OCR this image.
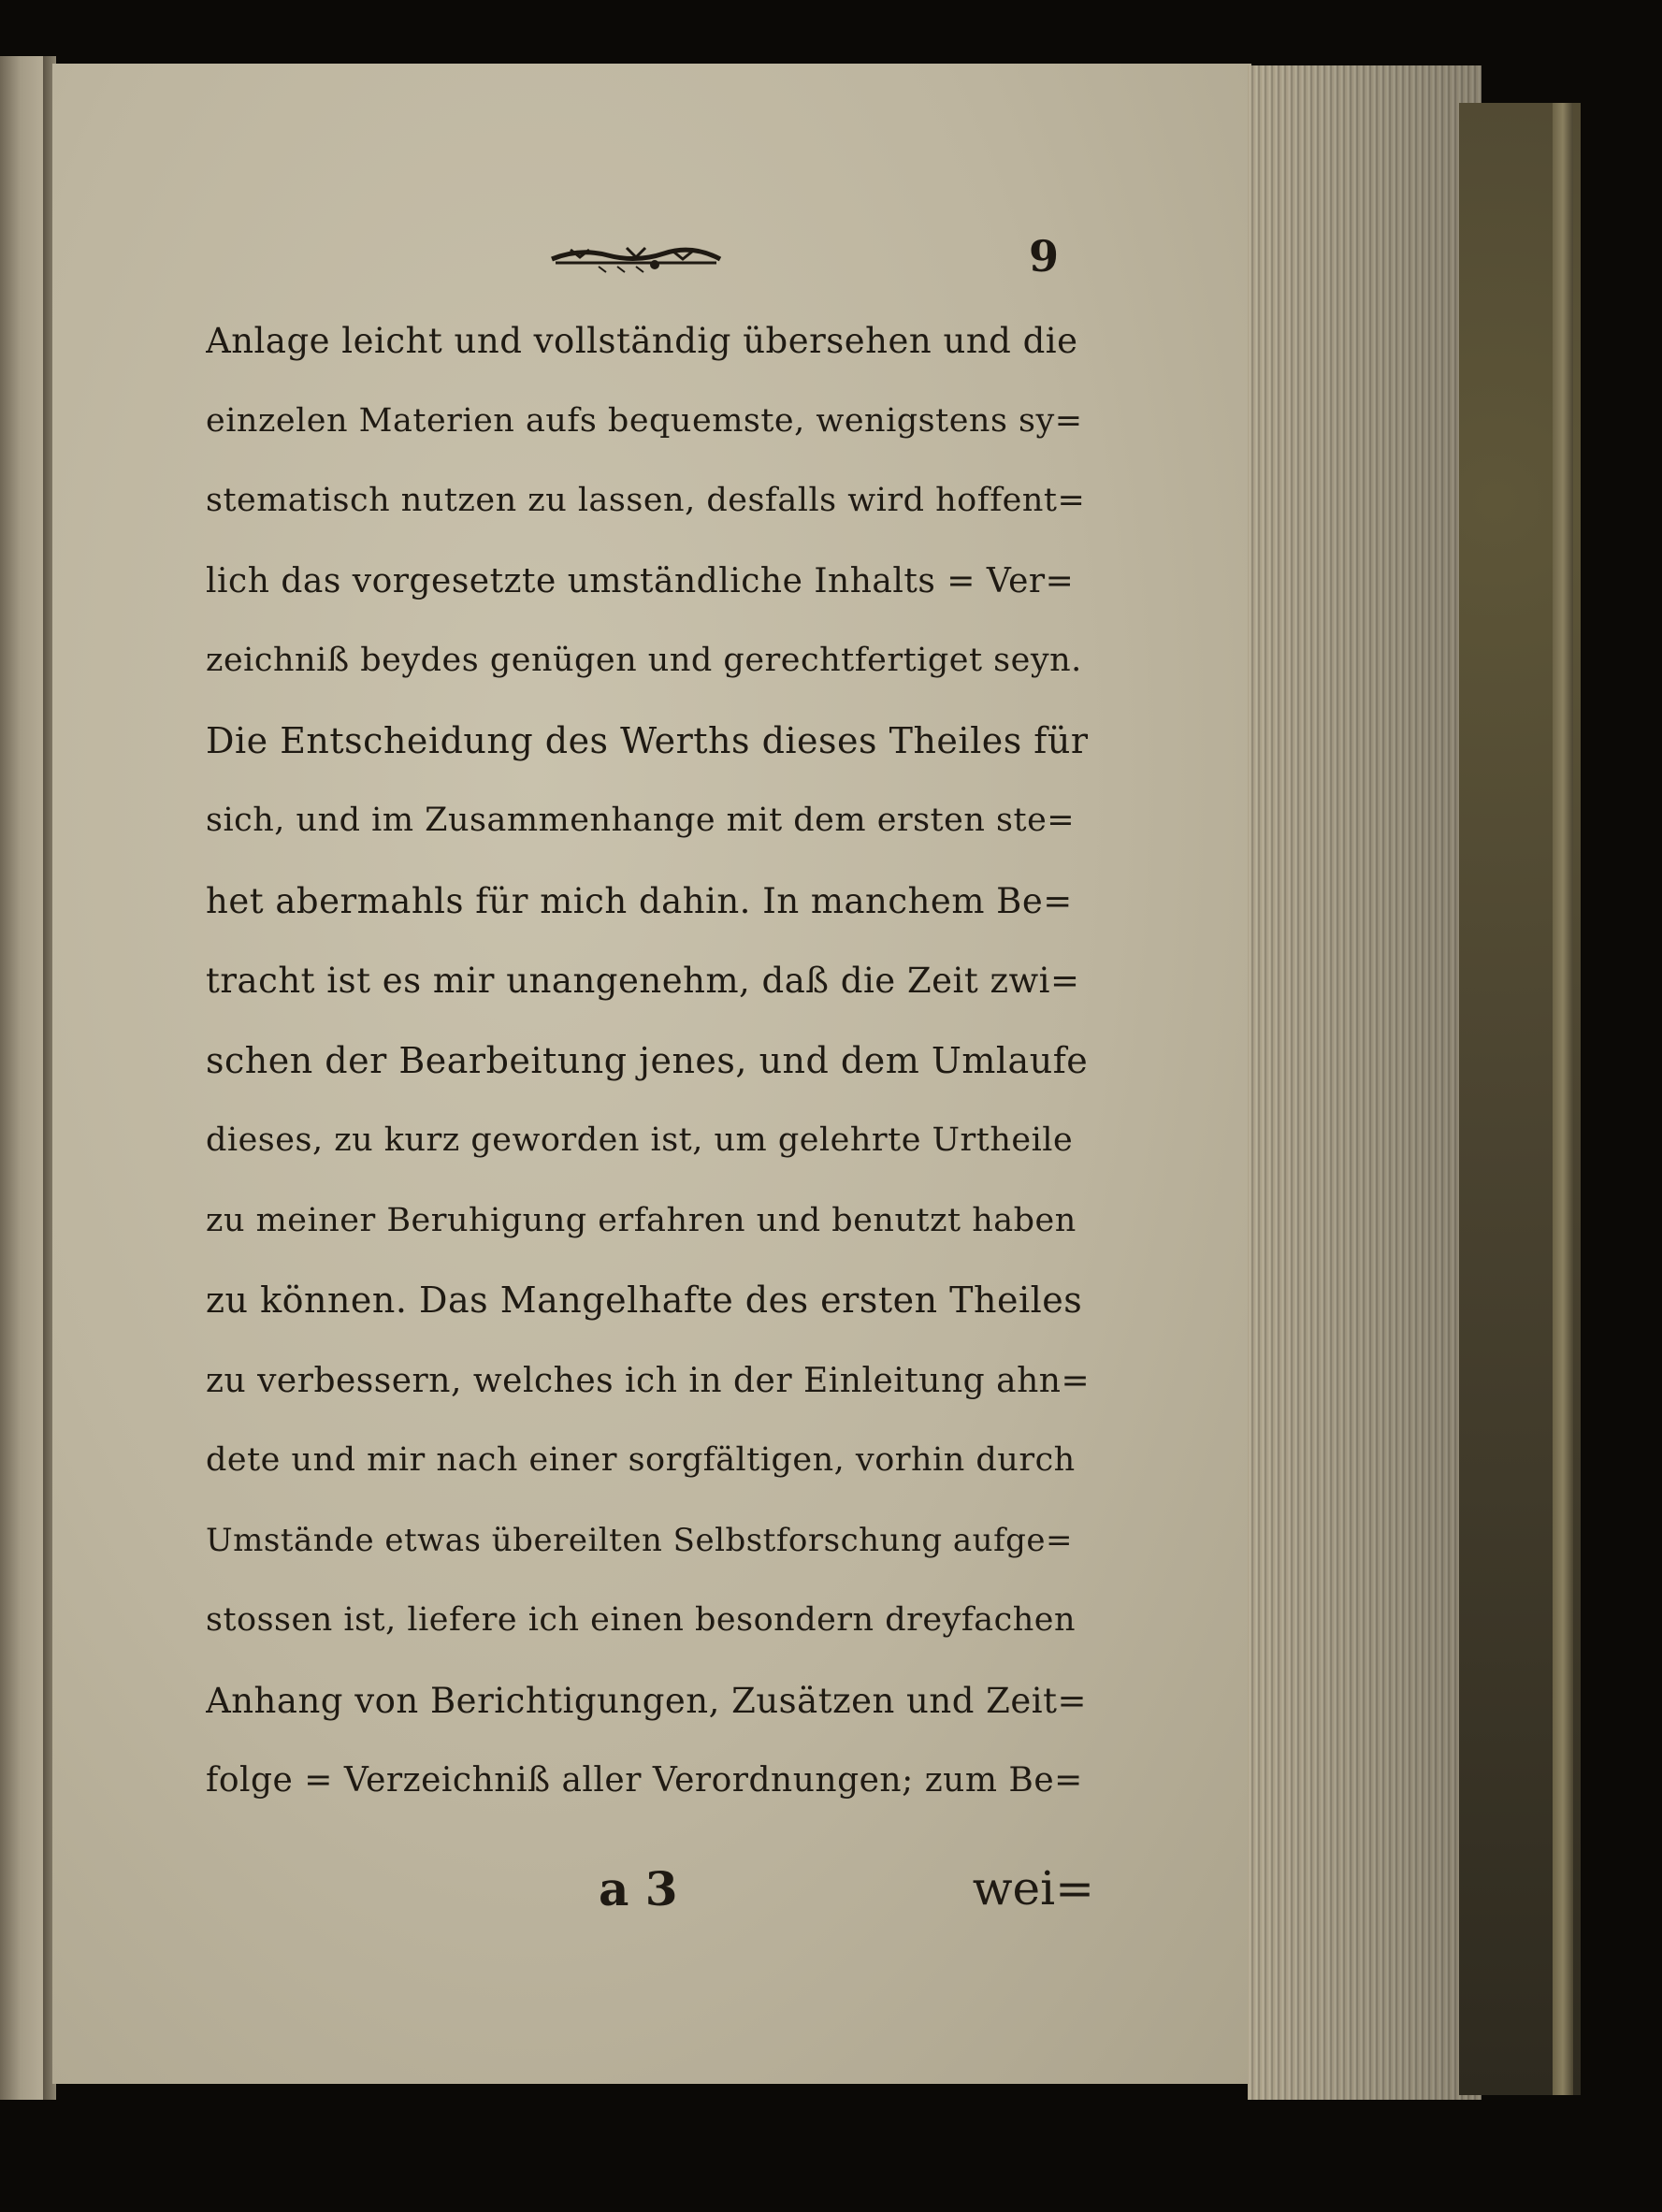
9
Anlage leicht und vollständig übersehen und die
einzelen Materien aufs bequemste, wenigstens sy=
stematisch nutzen zu lassen, desfalls wird hoffent=
lich das vorgesetzte umständliche Inhalts = Ver=
zeichniß beydes genügen und gerechtfertiget seyn.
Die Entscheidung des Werths dieses Theiles für
sich, und im Zusammenhange mit dem ersten ste=
het abermahls für mich dahin. In manchem Be=
tracht ist es mir unangenehm, daß die Zeit zwi=
schen der Bearbeitung jenes, und dem Umlaufe
dieses, zu kurz geworden ist, um gelehrte Urtheile
zu meiner Beruhigung erfahren und benutzt haben
zu können. Das Mangelhafte des ersten Theiles
zu verbessern, welches ich in der Einleitung ahn=
dete und mir nach einer sorgfältigen, vorhin durch
Umstände etwas übereilten Selbstforschung aufge=
stossen ist, liefere ich einen besondern dreyfachen
Anhang von Berichtigungen, Zusätzen und Zeit=
folge = Verzeichniß aller Verordnungen; zum Be=
a 3	wei=
